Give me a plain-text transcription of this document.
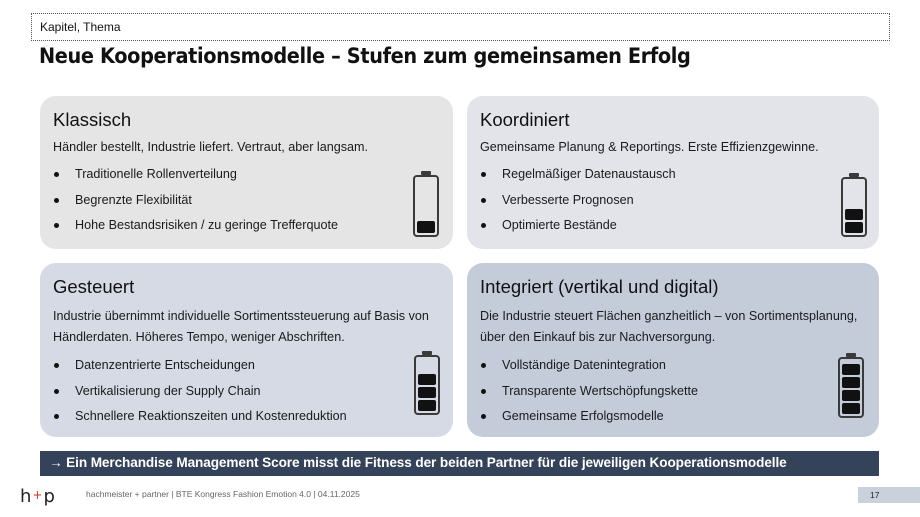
Kapitel, Thema
Neue Kooperationsmodelle – Stufen zum gemeinsamen Erfolg
Klassisch
Händler bestellt, Industrie liefert. Vertraut, aber langsam.
Traditionelle Rollenverteilung
Begrenzte Flexibilität
Hohe Bestandsrisiken / zu geringe Trefferquote
Koordiniert
Gemeinsame Planung & Reportings. Erste Effizienzgewinne.
Regelmäßiger Datenaustausch
Verbesserte Prognosen
Optimierte Bestände
Gesteuert
Industrie übernimmt individuelle Sortimentssteuerung auf Basis von Händlerdaten. Höheres Tempo, weniger Abschriften.
Datenzentrierte Entscheidungen
Vertikalisierung der Supply Chain
Schnellere Reaktionszeiten und Kostenreduktion
Integriert (vertikal und digital)
Die Industrie steuert Flächen ganzheitlich – von Sortimentsplanung, über den Einkauf bis zur Nachversorgung.
Vollständige Datenintegration
Transparente Wertschöpfungskette
Gemeinsame Erfolgsmodelle
→ Ein Merchandise Management Score misst die Fitness der beiden Partner für die jeweiligen Kooperationsmodelle
h+p	hachmeister + partner | BTE Kongress Fashion Emotion 4.0 | 04.11.2025	17
